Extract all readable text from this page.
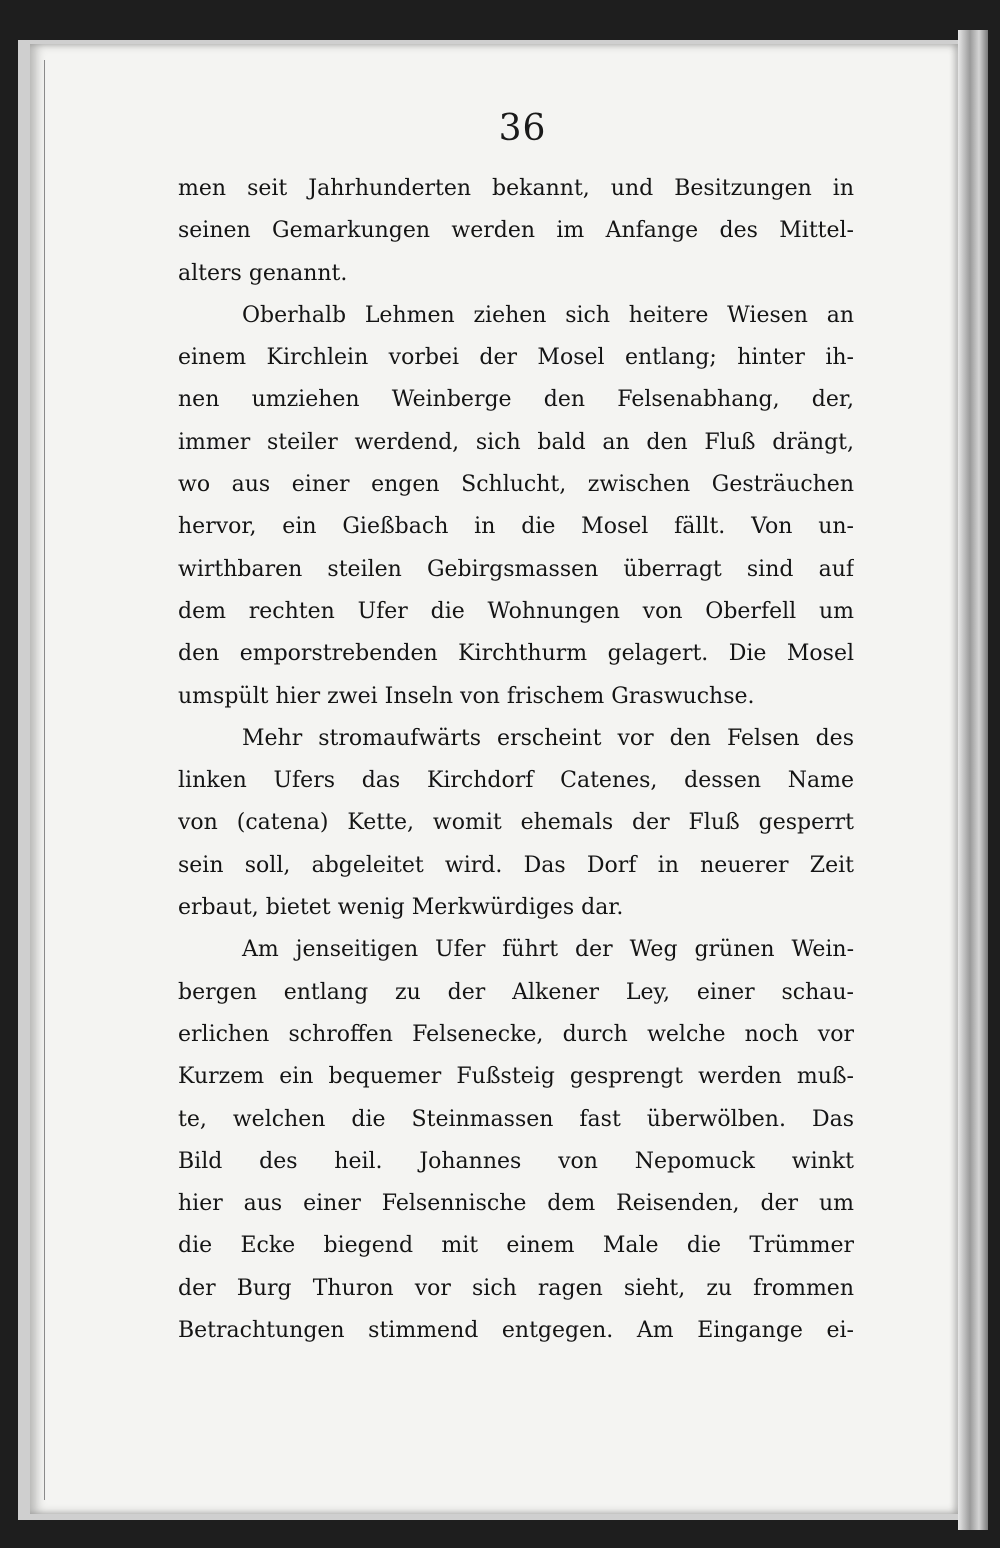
36
men seit Jahrhunderten bekannt, und Besitzungen in
seinen Gemarkungen werden im Anfange des Mittel-
alters genannt.
Oberhalb Lehmen ziehen sich heitere Wiesen an
einem Kirchlein vorbei der Mosel entlang; hinter ih-
nen umziehen Weinberge den Felsenabhang, der,
immer steiler werdend, sich bald an den Fluß drängt,
wo aus einer engen Schlucht, zwischen Gesträuchen
hervor, ein Gießbach in die Mosel fällt. Von un-
wirthbaren steilen Gebirgsmassen überragt sind auf
dem rechten Ufer die Wohnungen von Oberfell um
den emporstrebenden Kirchthurm gelagert. Die Mosel
umspült hier zwei Inseln von frischem Graswuchse.
Mehr stromaufwärts erscheint vor den Felsen des
linken Ufers das Kirchdorf Catenes, dessen Name
von (catena) Kette, womit ehemals der Fluß gesperrt
sein soll, abgeleitet wird. Das Dorf in neuerer Zeit
erbaut, bietet wenig Merkwürdiges dar.
Am jenseitigen Ufer führt der Weg grünen Wein-
bergen entlang zu der Alkener Ley, einer schau-
erlichen schroffen Felsenecke, durch welche noch vor
Kurzem ein bequemer Fußsteig gesprengt werden muß-
te, welchen die Steinmassen fast überwölben. Das
Bild des heil. Johannes von Nepomuck winkt
hier aus einer Felsennische dem Reisenden, der um
die Ecke biegend mit einem Male die Trümmer
der Burg Thuron vor sich ragen sieht, zu frommen
Betrachtungen stimmend entgegen. Am Eingange ei-
